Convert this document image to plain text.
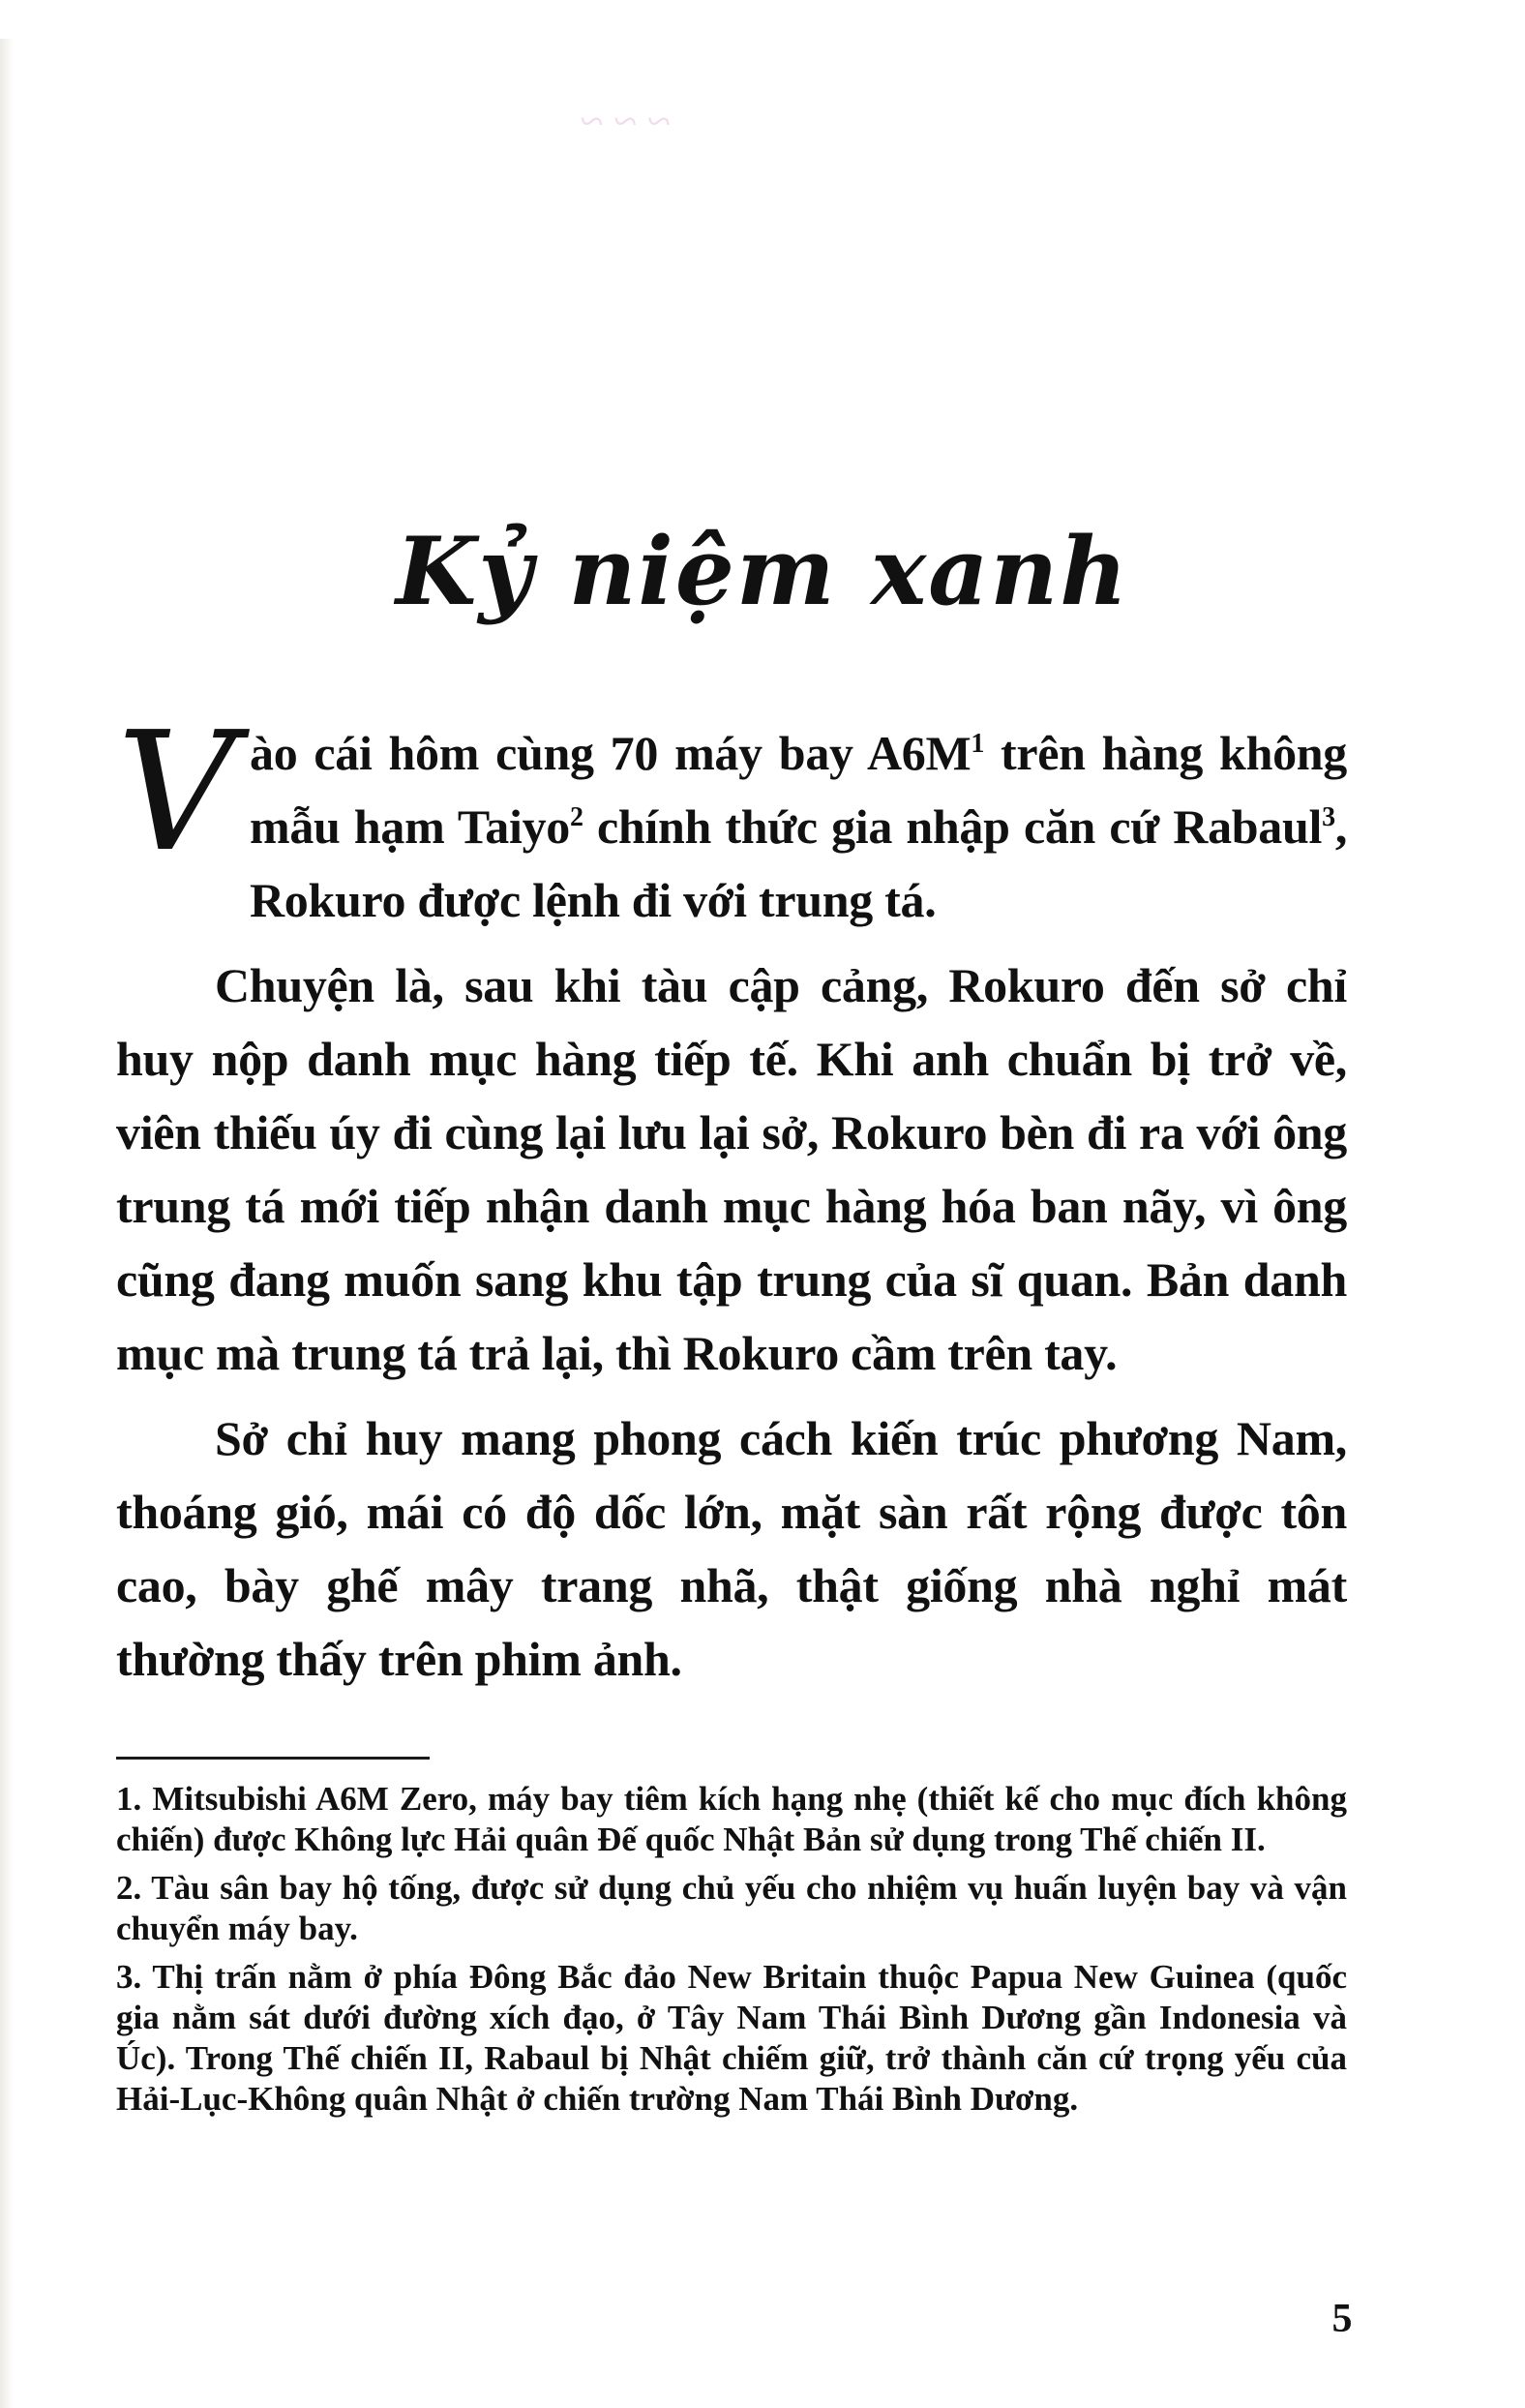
~ ~ ~

Kỷ niệm xanh

Vào cái hôm cùng 70 máy bay $A6M^1$ trên hàng không mẫu hạm Taiyo$^2$ chính thức gia nhập căn cứ Rabaul$^3$, Rokuro được lệnh đi với trung tá.

Chuyện là, sau khi tàu cập cảng, Rokuro đến sở chỉ huy nộp danh mục hàng tiếp tế. Khi anh chuẩn bị trở về, viên thiếu úy đi cùng lại lưu lại sở, Rokuro bèn đi ra với ông trung tá mới tiếp nhận danh mục hàng hóa ban nãy, vì ông cũng đang muốn sang khu tập trung của sĩ quan. Bản danh mục mà trung tá trả lại, thì Rokuro cầm trên tay.

Sở chỉ huy mang phong cách kiến trúc phương Nam, thoáng gió, mái có độ dốc lớn, mặt sàn rất rộng được tôn cao, bày ghế mây trang nhã, thật giống nhà nghỉ mát thường thấy trên phim ảnh.

1. Mitsubishi A6M Zero, máy bay tiêm kích hạng nhẹ (thiết kế cho mục đích không chiến) được Không lực Hải quân Đế quốc Nhật Bản sử dụng trong Thế chiến II.

2. Tàu sân bay hộ tống, được sử dụng chủ yếu cho nhiệm vụ huấn luyện bay và vận chuyển máy bay.

3. Thị trấn nằm ở phía Đông Bắc đảo New Britain thuộc Papua New Guinea (quốc gia nằm sát dưới đường xích đạo, ở Tây Nam Thái Bình Dương gần Indonesia và Úc). Trong Thế chiến II, Rabaul bị Nhật chiếm giữ, trở thành căn cứ trọng yếu của Hải-Lục-Không quân Nhật ở chiến trường Nam Thái Bình Dương.

5
